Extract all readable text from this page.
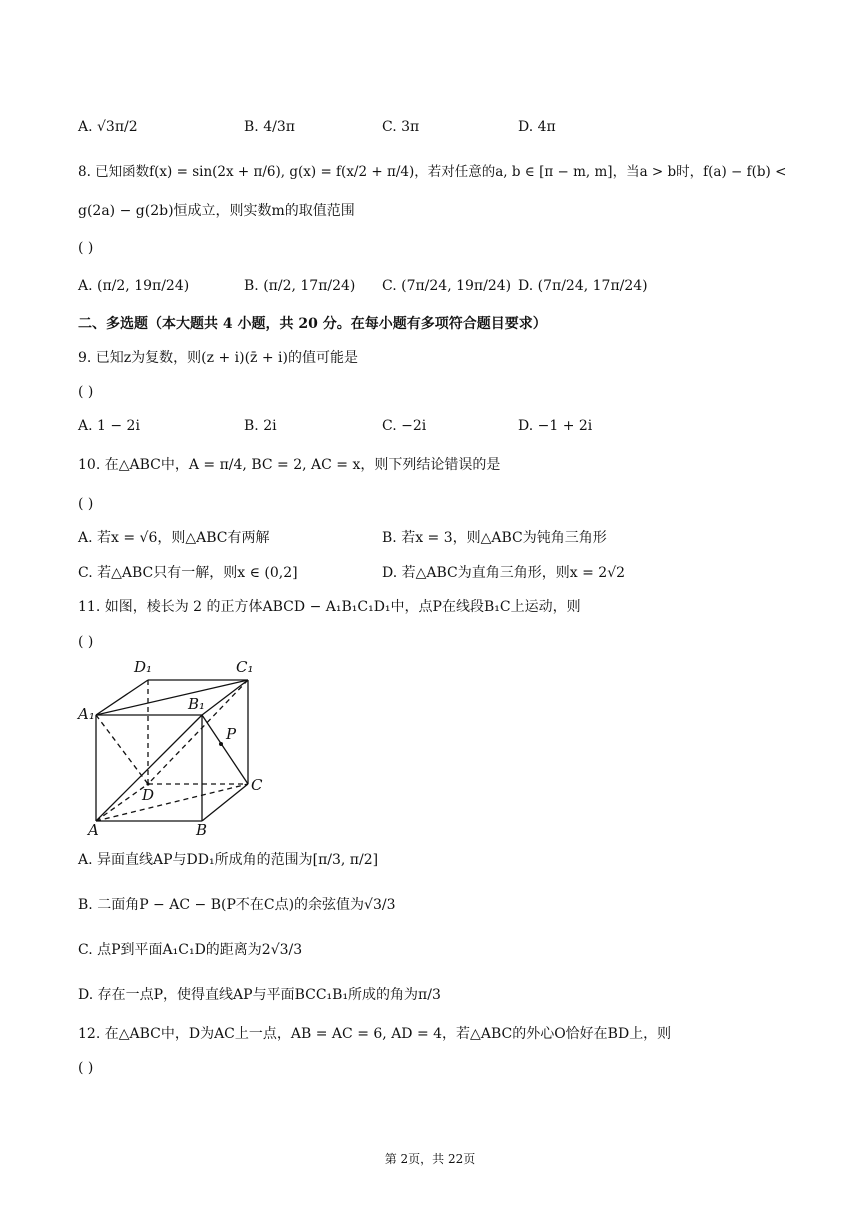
A. √3π/2	B. 4/3π	C. 3π	D. 4π
8. 已知函数f(x) = sin(2x + π/6), g(x) = f(x/2 + π/4)，若对任意的a, b ∈ [π − m, m]，当a > b时，f(a) − f(b) <
g(2a) − g(2b)恒成立，则实数m的取值范围
( )
A. (π/2, 19π/24)	B. (π/2, 17π/24) C. (7π/24, 19π/24) D. (7π/24, 17π/24)
二、多选题（本大题共 4 小题，共 20 分。在每小题有多项符合题目要求）
9. 已知z为复数，则(z + i)(z̄ + i)的值可能是
( )
A. 1 − 2i	B. 2i	C. −2i	D. −1 + 2i
10. 在△ABC中，A = π/4, BC = 2, AC = x，则下列结论错误的是
( )
A. 若x = √6，则△ABC有两解	B. 若x = 3，则△ABC为钝角三角形
C. 若△ABC只有一解，则x ∈ (0,2]	D. 若△ABC为直角三角形，则x = 2√2
11. 如图，棱长为 2 的正方体ABCD − A₁B₁C₁D₁中，点P在线段B₁C上运动，则
( )
D₁	C₁
A₁
B₁
P
D
C
A	B
A. 异面直线AP与DD₁所成角的范围为[π/3, π/2]
B. 二面角P − AC − B(P不在C点)的余弦值为√3/3
C. 点P到平面A₁C₁D的距离为2√3/3
D. 存在一点P，使得直线AP与平面BCC₁B₁所成的角为π/3
12. 在△ABC中，D为AC上一点，AB = AC = 6, AD = 4，若△ABC的外心O恰好在BD上，则
( )
第 2页，共 22页
